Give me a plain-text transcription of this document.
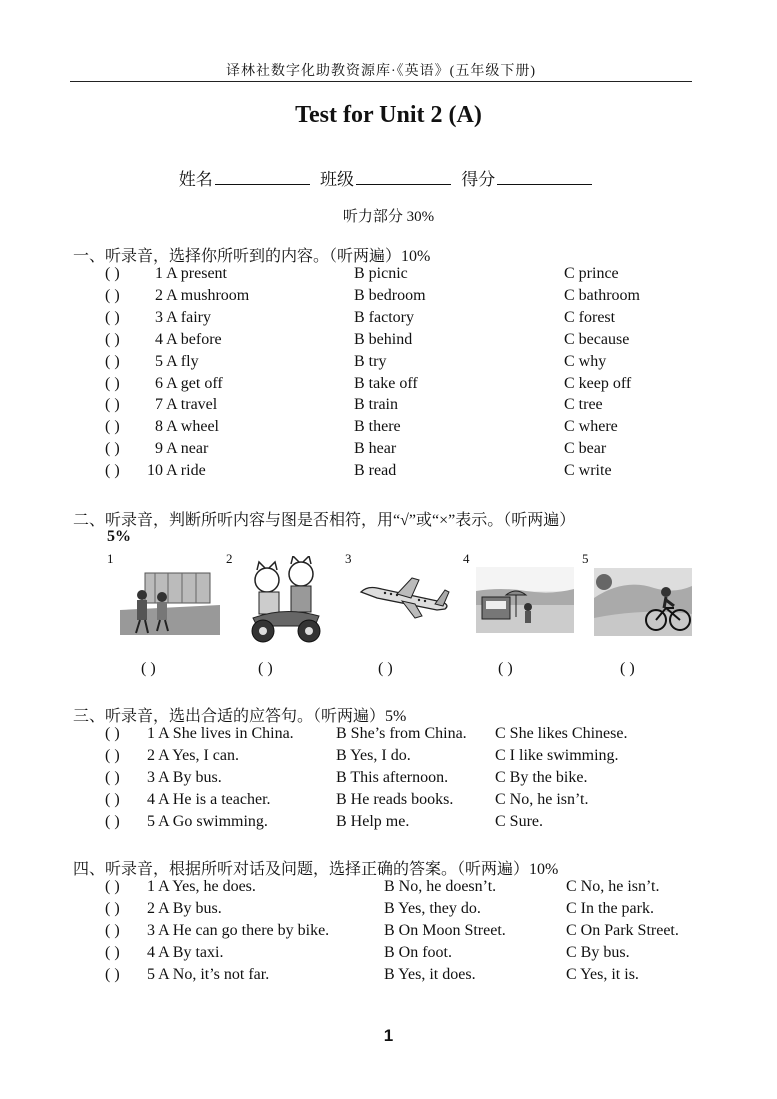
译林社数字化助教资源库·《英语》(五年级下册)
Test for Unit 2 (A)
姓名	班级	得分
听力部分 30%
一、听录音，选择你所听到的内容。（听两遍）10%
( ) 1 A present	B picnic	C prince
( ) 2 A mushroom	B bedroom	C bathroom
( ) 3 A fairy	B factory	C forest
( ) 4 A before	B behind	C because
( ) 5 A fly	B try	C why
( ) 6 A get off	B take off	C keep off
( ) 7 A travel	B train	C tree
( ) 8 A wheel	B there	C where
( ) 9 A near	B hear	C bear
( ) 10 A ride	B read	C write
二、听录音，判断所听内容与图是否相符，用“√”或“×”表示。（听两遍）
5%
1	2	3	4	5
( )	( )	( )	( )	( )
三、听录音，选出合适的应答句。（听两遍）5%
( ) 1 A She lives in China.	B She’s from China. C She likes Chinese.
( ) 2 A Yes, I can.	B Yes, I do.	C I like swimming.
( ) 3 A By bus.	B This afternoon.	C By the bike.
( ) 4 A He is a teacher.	B He reads books.	C No, he isn’t.
( ) 5 A Go swimming.	B Help me.	C Sure.
四、听录音，根据所听对话及问题，选择正确的答案。（听两遍）10%
( ) 1 A Yes, he does.	B No, he doesn’t.	C No, he isn’t.
( ) 2 A By bus.	B Yes, they do.	C In the park.
( ) 3 A He can go there by bike.	B On Moon Street.	C On Park Street.
( ) 4 A By taxi.	B On foot.	C By bus.
( ) 5 A No, it’s not far.	B Yes, it does.	C Yes, it is.
1
